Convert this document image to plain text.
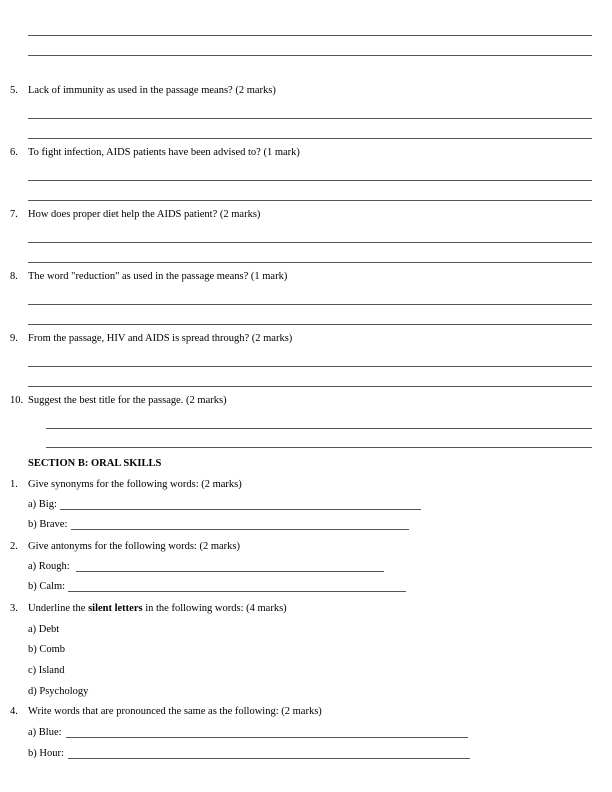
5. Lack of immunity as used in the passage means? (2 marks)
6. To fight infection, AIDS patients have been advised to? (1 mark)
7. How does proper diet help the AIDS patient? (2 marks)
8. The word "reduction" as used in the passage means? (1 mark)
9. From the passage, HIV and AIDS is spread through? (2 marks)
10. Suggest the best title for the passage. (2 marks)
SECTION B: ORAL SKILLS
1. Give synonyms for the following words: (2 marks)
a) Big:
b) Brave:
2. Give antonyms for the following words: (2 marks)
a) Rough:
b) Calm:
3. Underline the silent letters in the following words: (4 marks)
a) Debt
b) Comb
c) Island
d) Psychology
4. Write words that are pronounced the same as the following: (2 marks)
a) Blue:
b) Hour:
